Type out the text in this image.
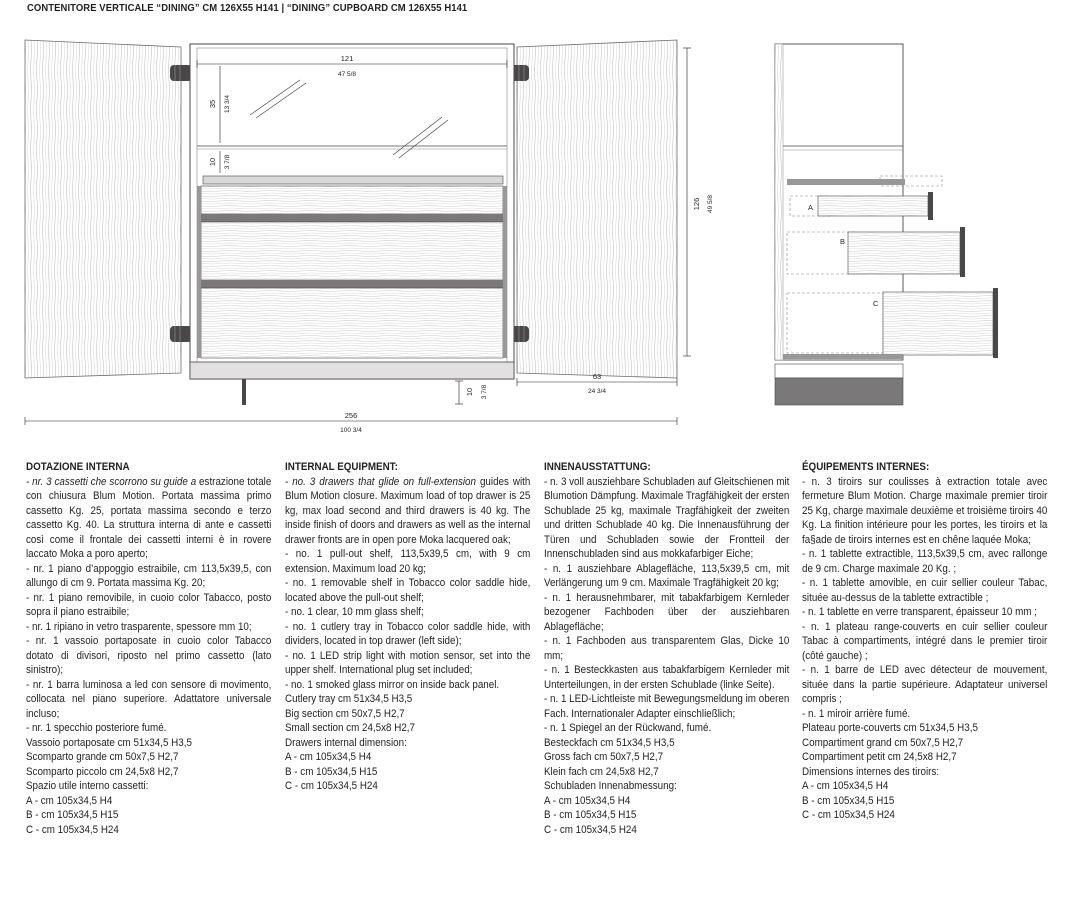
CONTENITORE VERTICALE “DINING” CM 126X55 H141 | “DINING” CUPBOARD CM 126X55 H141
121
47 5/8
35 13 3/4
10 3 7/8
10 3 7/8
63
24 3/4
256
100 3/4
A
B
C
126 49 5/8
DOTAZIONE INTERNA

- nr. 3 cassetti che scorrono su guide a estrazione totale con chiusura Blum Motion. Portata massima primo cassetto Kg. 25, portata massima secondo e terzo cassetto Kg. 40. La struttura interna di ante e cassetti così come il frontale dei cassetti interni è in rovere laccato Moka a poro aperto;

- nr. 1 piano d’appoggio estraibile, cm 113,5x39,5, con allungo di cm 9. Portata massima Kg. 20;

- nr. 1 piano removibile, in cuoio color Tabacco, posto sopra il piano estraibile;

- nr. 1 ripiano in vetro trasparente, spessore mm 10;

- nr. 1 vassoio portaposate in cuoio color Tabacco dotato di divisori, riposto nel primo cassetto (lato sinistro);

- nr. 1 barra luminosa a led con sensore di movimento, collocata nel piano superiore. Adattatore universale incluso;

- nr. 1 specchio posteriore fumé.

Vassoio portaposate cm 51x34,5 H3,5

Scomparto grande cm 50x7,5 H2,7

Scomparto piccolo cm 24,5x8 H2,7

Spazio utile interno cassetti:

A - cm 105x34,5 H4

B - cm 105x34,5 H15

C - cm 105x34,5 H24

INTERNAL EQUIPMENT:

- no. 3 drawers that glide on full-extension guides with Blum Motion closure. Maximum load of top drawer is 25 kg, max load second and third drawers is 40 kg. The inside finish of doors and drawers as well as the internal drawer fronts are in open pore Moka lacquered oak;

- no. 1 pull-out shelf, 113,5x39,5 cm, with 9 cm extension. Maximum load 20 kg;

- no. 1 removable shelf in Tobacco color saddle hide, located above the pull-out shelf;

- no. 1 clear, 10 mm glass shelf;

- no. 1 cutlery tray in Tobacco color saddle hide, with dividers, located in top drawer (left side);

- no. 1 LED strip light with motion sensor, set into the upper shelf. International plug set included;

- no. 1 smoked glass mirror on inside back panel.

Cutlery tray cm 51x34,5 H3,5

Big section cm 50x7,5 H2,7

Small section cm 24,5x8 H2,7

Drawers internal dimension:

A - cm 105x34,5 H4

B - cm 105x34,5 H15

C - cm 105x34,5 H24

INNENAUSSTATTUNG:

- n. 3 voll ausziehbare Schubladen auf Gleitschienen mit Blumotion Dämpfung. Maximale Tragfähigkeit der ersten Schublade 25 kg, maximale Tragfähigkeit der zweiten und dritten Schublade 40 kg. Die Innenausführung der Türen und Schubladen sowie der Frontteil der Innenschubladen sind aus mokkafarbiger Eiche;

- n. 1 ausziehbare Ablagefläche, 113,5x39,5 cm, mit Verlängerung um 9 cm. Maximale Tragfähigkeit 20 kg;

- n. 1 herausnehmbarer, mit tabakfarbigem Kernleder bezogener Fachboden über der ausziehbaren Ablagefläche;

- n. 1 Fachboden aus transparentem Glas, Dicke 10 mm;

- n. 1 Besteckkasten aus tabakfarbigem Kernleder mit Unterteilungen, in der ersten Schublade (linke Seite).

- n. 1 LED-Lichtleiste mit Bewegungsmeldung im oberen Fach. Internationaler Adapter einschließlich;

- n. 1 Spiegel an der Rückwand, fumé.

Besteckfach cm 51x34,5 H3,5

Gross fach cm 50x7,5 H2,7

Klein fach cm 24,5x8 H2,7

Schubladen Innenabmessung:

A - cm 105x34,5 H4

B - cm 105x34,5 H15

C - cm 105x34,5 H24

ÉQUIPEMENTS INTERNES:

- n. 3 tiroirs sur coulisses à extraction totale avec fermeture Blum Motion. Charge maximale premier tiroir 25 Kg, charge maximale deuxième et troisième tiroirs 40 Kg. La finition intérieure pour les portes, les tiroirs et la fa§ade de tiroirs internes est en chêne laquée Moka;

- n. 1 tablette extractible, 113,5x39,5 cm, avec rallonge de 9 cm. Charge maximale 20 Kg. ;

- n. 1 tablette amovible, en cuir sellier couleur Tabac, située au-dessus de la tablette extractible ;

- n. 1 tablette en verre transparent, épaisseur 10 mm ;

- n. 1 plateau range-couverts en cuir sellier couleur Tabac à compartiments, intégré dans le premier tiroir (côté gauche) ;

- n. 1 barre de LED avec détecteur de mouvement, située dans la partie supérieure. Adaptateur universel compris ;

- n. 1 miroir arrière fumé.

Plateau porte-couverts cm 51x34,5 H3,5

Compartiment grand cm 50x7,5 H2,7

Compartiment petit cm 24,5x8 H2,7

Dimensions internes des tiroirs:

A - cm 105x34,5 H4

B - cm 105x34,5 H15

C - cm 105x34,5 H24
